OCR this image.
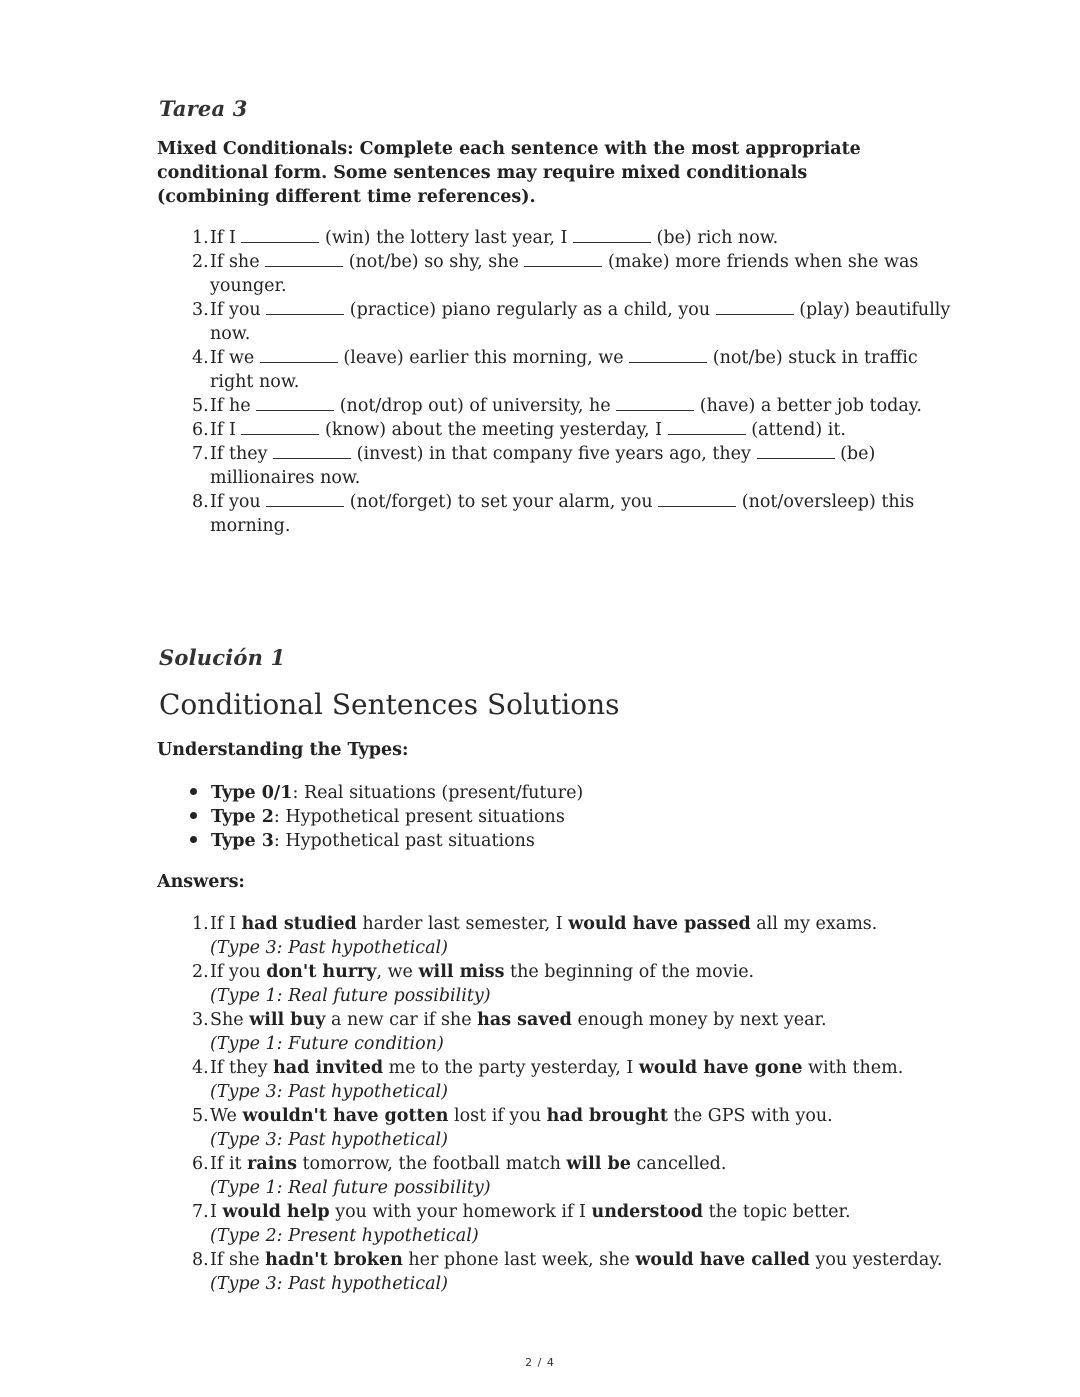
Tarea 3
Mixed Conditionals: Complete each sentence with the most appropriate conditional form. Some sentences may require mixed conditionals (combining different time references).
1.If I	(win) the lottery last year, I	(be) rich now.
2.If she	(not/be) so shy, she	(make) more friends when she was
younger.
3.If you	(practice) piano regularly as a child, you	(play) beautifully
now.
4.If we	(leave) earlier this morning, we	(not/be) stuck in traffic
right now.
5.If he	(not/drop out) of university, he	(have) a better job today.
6.If I	(know) about the meeting yesterday, I	(attend) it.
7.If they	(invest) in that company five years ago, they	(be)
millionaires now.
8.If you	(not/forget) to set your alarm, you	(not/oversleep) this
morning.
Solución 1
Conditional Sentences Solutions
Understanding the Types:
Type 0/1: Real situations (present/future)
Type 2: Hypothetical present situations
Type 3: Hypothetical past situations
Answers:
1.If I had studied harder last semester, I would have passed all my exams.
(Type 3: Past hypothetical)
2.If you don't hurry, we will miss the beginning of the movie.
(Type 1: Real future possibility)
3.She will buy a new car if she has saved enough money by next year.
(Type 1: Future condition)
4.If they had invited me to the party yesterday, I would have gone with them.
(Type 3: Past hypothetical)
5.We wouldn't have gotten lost if you had brought the GPS with you.
(Type 3: Past hypothetical)
6.If it rains tomorrow, the football match will be cancelled.
(Type 1: Real future possibility)
7.I would help you with your homework if I understood the topic better.
(Type 2: Present hypothetical)
8.If she hadn't broken her phone last week, she would have called you yesterday.
(Type 3: Past hypothetical)
2 / 4
